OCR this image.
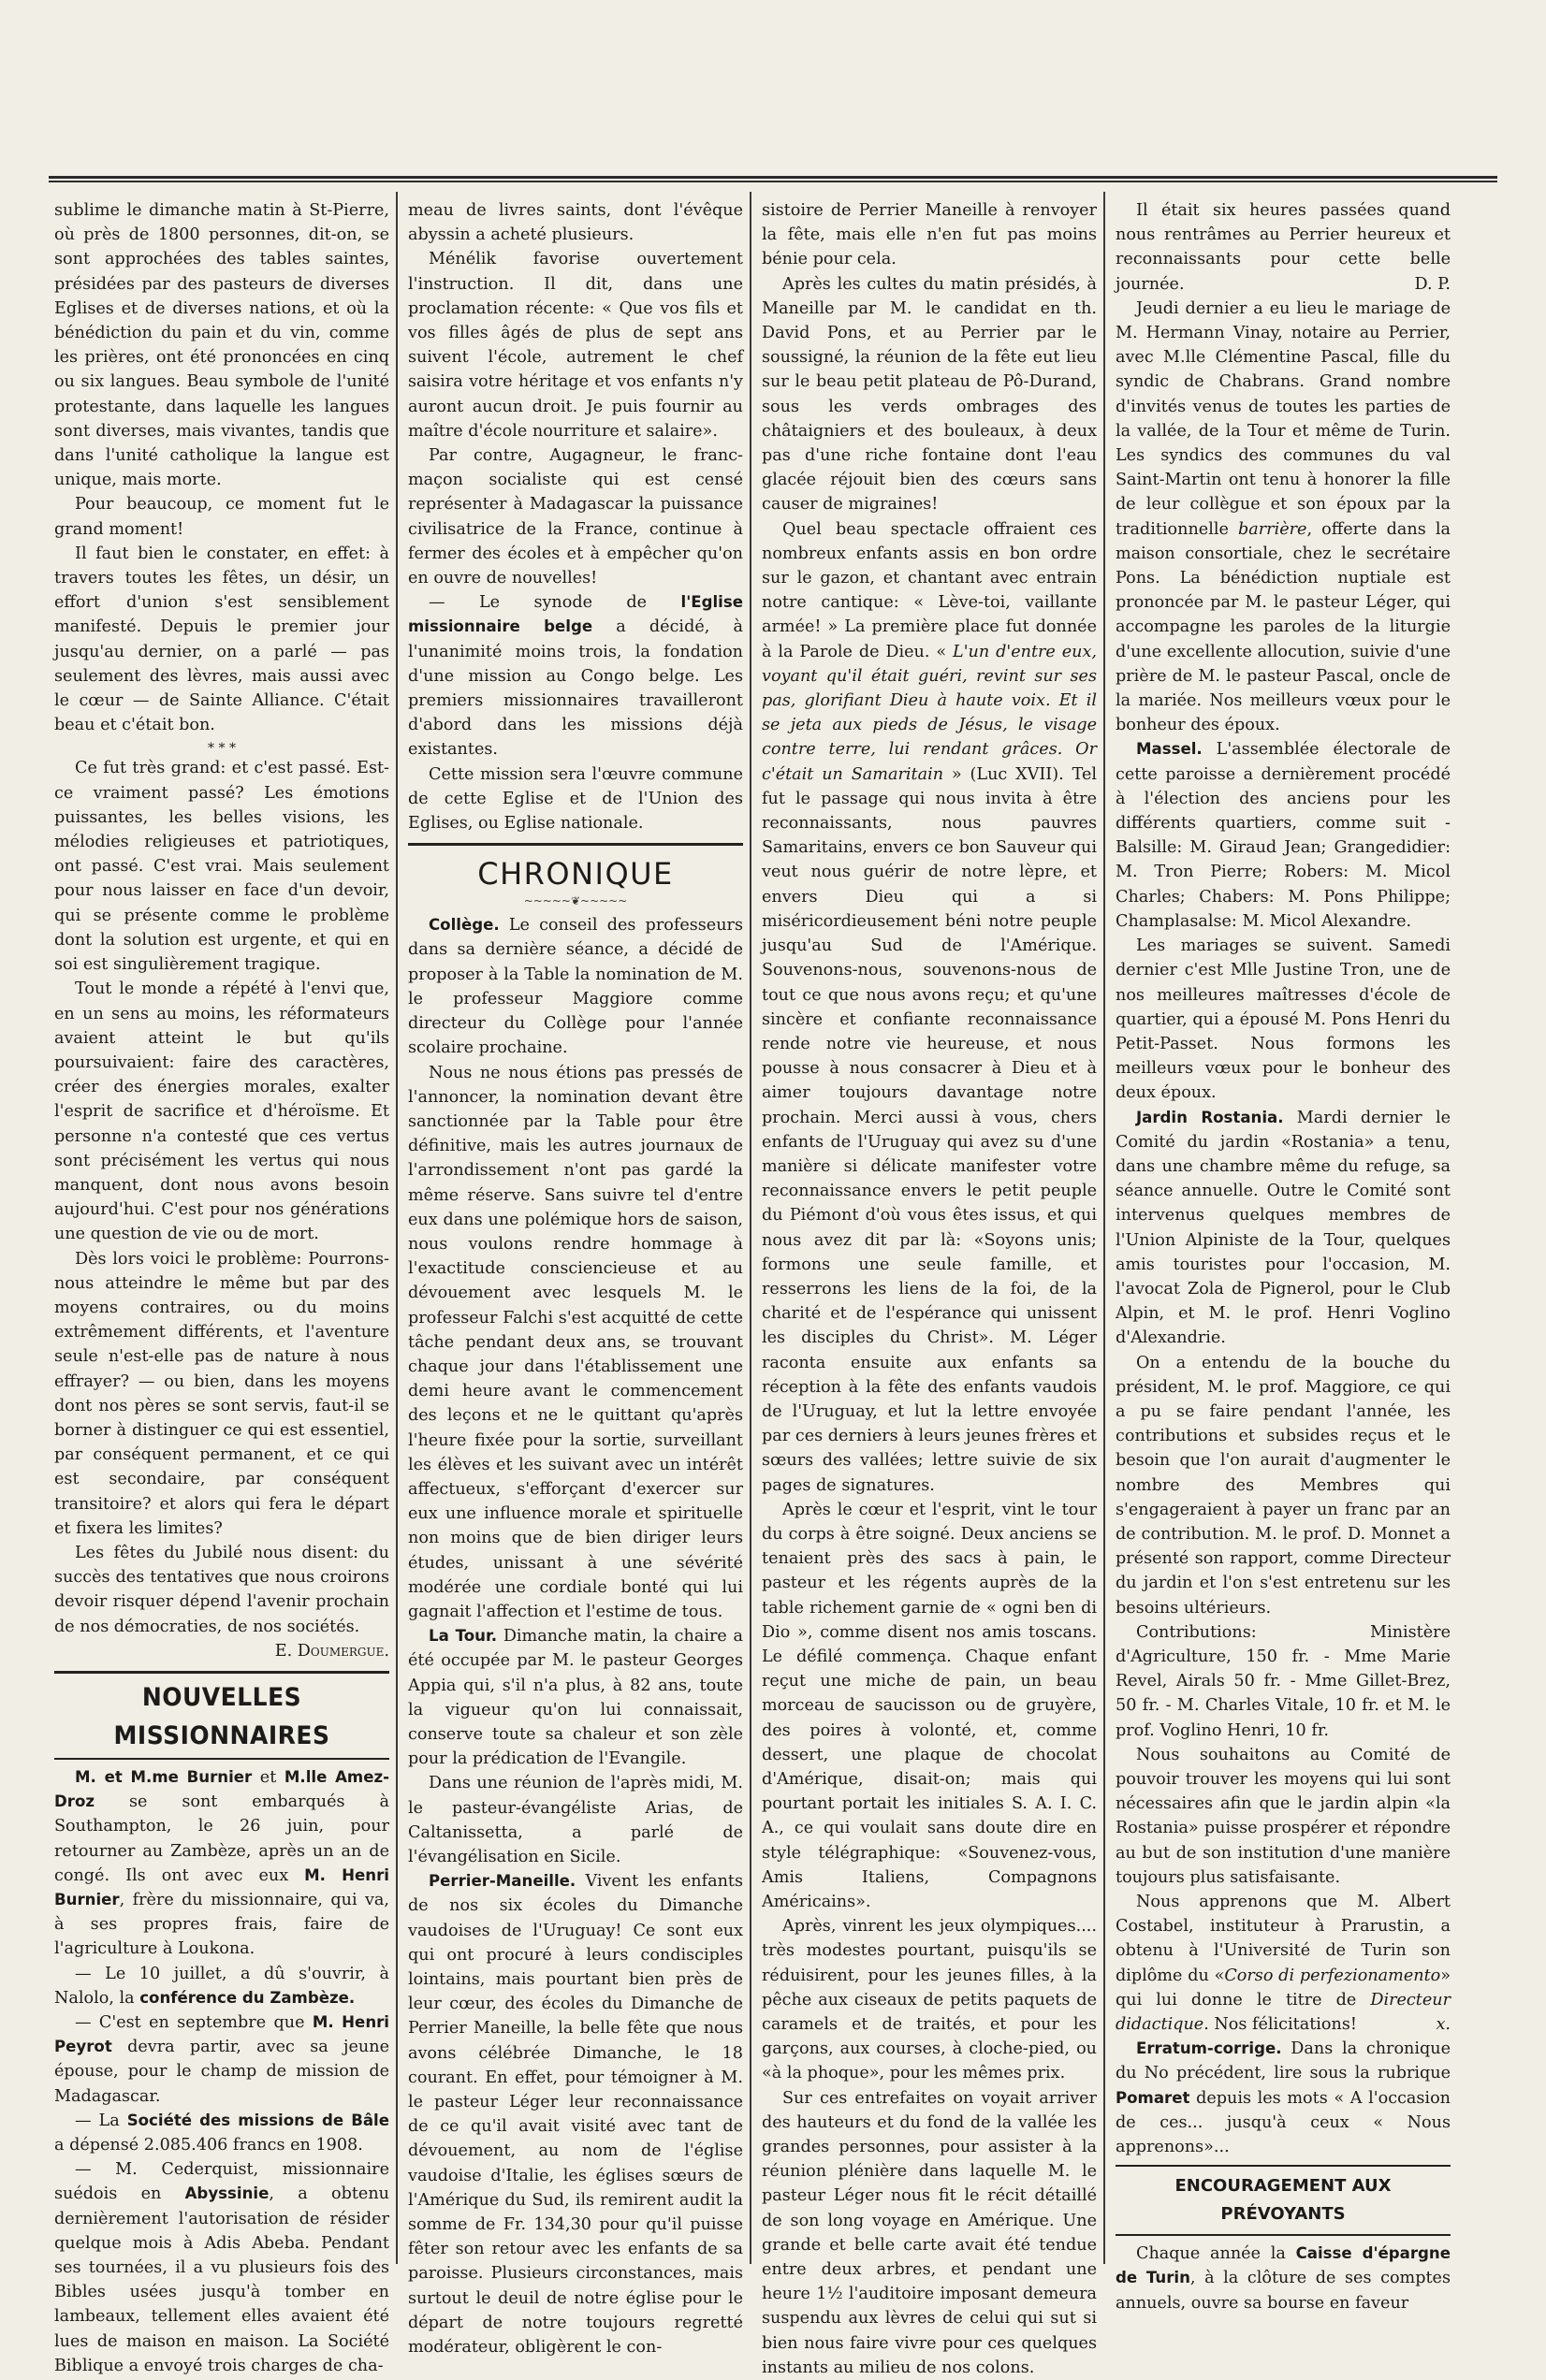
sublime le dimanche matin à St-Pierre, où près de 1800 personnes, dit-on, se sont approchées des tables saintes, présidées par des pasteurs de diverses Eglises et de diverses nations, et où la bénédiction du pain et du vin, comme les prières, ont été prononcées en cinq ou six langues. Beau symbole de l'unité protestante, dans laquelle les langues sont diverses, mais vivantes, tandis que dans l'unité catholique la langue est unique, mais morte.

Pour beaucoup, ce moment fut le grand moment!

Il faut bien le constater, en effet: à travers toutes les fêtes, un désir, un effort d'union s'est sensiblement manifesté. Depuis le premier jour jusqu'au dernier, on a parlé — pas seulement des lèvres, mais aussi avec le cœur — de Sainte Alliance. C'était beau et c'était bon.

* * *

Ce fut très grand: et c'est passé. Est-ce vraiment passé? Les émotions puissantes, les belles visions, les mélodies religieuses et patriotiques, ont passé. C'est vrai. Mais seulement pour nous laisser en face d'un devoir, qui se présente comme le problème dont la solution est urgente, et qui en soi est singulièrement tragique.

Tout le monde a répété à l'envi que, en un sens au moins, les réformateurs avaient atteint le but qu'ils poursuivaient: faire des caractères, créer des énergies morales, exalter l'esprit de sacrifice et d'héroïsme. Et personne n'a contesté que ces vertus sont précisément les vertus qui nous manquent, dont nous avons besoin aujourd'hui. C'est pour nos générations une question de vie ou de mort.

Dès lors voici le problème: Pourrons-nous atteindre le même but par des moyens contraires, ou du moins extrêmement différents, et l'aventure seule n'est-elle pas de nature à nous effrayer? — ou bien, dans les moyens dont nos pères se sont servis, faut-il se borner à distinguer ce qui est essentiel, par conséquent permanent, et ce qui est secondaire, par conséquent transitoire? et alors qui fera le départ et fixera les limites?

Les fêtes du Jubilé nous disent: du succès des tentatives que nous croirons devoir risquer dépend l'avenir prochain de nos démocraties, de nos sociétés.

E. Doumergue.

NOUVELLES MISSIONNAIRES

M. et M.me Burnier et M.lle Amez-Droz se sont embarqués à Southampton, le 26 juin, pour retourner au Zambèze, après un an de congé. Ils ont avec eux M. Henri Burnier, frère du missionnaire, qui va, à ses propres frais, faire de l'agriculture à Loukona.

— Le 10 juillet, a dû s'ouvrir, à Nalolo, la conférence du Zambèze.

— C'est en septembre que M. Henri Peyrot devra partir, avec sa jeune épouse, pour le champ de mission de Madagascar.

— La Société des missions de Bâle a dépensé 2.085.406 francs en 1908.

— M. Cederquist, missionnaire suédois en Abyssinie, a obtenu dernièrement l'autorisation de résider quelque mois à Adis Abeba. Pendant ses tournées, il a vu plusieurs fois des Bibles usées jusqu'à tomber en lambeaux, tellement elles avaient été lues de maison en maison. La Société Biblique a envoyé trois charges de cha-

meau de livres saints, dont l'évêque abyssin a acheté plusieurs.

Ménélik favorise ouvertement l'instruction. Il dit, dans une proclamation récente: « Que vos fils et vos filles âgés de plus de sept ans suivent l'école, autrement le chef saisira votre héritage et vos enfants n'y auront aucun droit. Je puis fournir au maître d'école nourriture et salaire».

Par contre, Augagneur, le franc-maçon socialiste qui est censé représenter à Madagascar la puissance civilisatrice de la France, continue à fermer des écoles et à empêcher qu'on en ouvre de nouvelles!

— Le synode de l'Eglise missionnaire belge a décidé, à l'unanimité moins trois, la fondation d'une mission au Congo belge. Les premiers missionnaires travailleront d'abord dans les missions déjà existantes.

Cette mission sera l'œuvre commune de cette Eglise et de l'Union des Eglises, ou Eglise nationale.

CHRONIQUE
~~~~~❦~~~~~

Collège. Le conseil des professeurs dans sa dernière séance, a décidé de proposer à la Table la nomination de M. le professeur Maggiore comme directeur du Collège pour l'année scolaire prochaine.

Nous ne nous étions pas pressés de l'annoncer, la nomination devant être sanctionnée par la Table pour être définitive, mais les autres journaux de l'arrondissement n'ont pas gardé la même réserve. Sans suivre tel d'entre eux dans une polémique hors de saison, nous voulons rendre hommage à l'exactitude consciencieuse et au dévouement avec lesquels M. le professeur Falchi s'est acquitté de cette tâche pendant deux ans, se trouvant chaque jour dans l'établissement une demi heure avant le commencement des leçons et ne le quittant qu'après l'heure fixée pour la sortie, surveillant les élèves et les suivant avec un intérêt affectueux, s'efforçant d'exercer sur eux une influence morale et spirituelle non moins que de bien diriger leurs études, unissant à une sévérité modérée une cordiale bonté qui lui gagnait l'affection et l'estime de tous.

La Tour. Dimanche matin, la chaire a été occupée par M. le pasteur Georges Appia qui, s'il n'a plus, à 82 ans, toute la vigueur qu'on lui connaissait, conserve toute sa chaleur et son zèle pour la prédication de l'Evangile.

Dans une réunion de l'après midi, M. le pasteur-évangéliste Arias, de Caltanissetta, a parlé de l'évangélisation en Sicile.

Perrier-Maneille. Vivent les enfants de nos six écoles du Dimanche vaudoises de l'Uruguay! Ce sont eux qui ont procuré à leurs condisciples lointains, mais pourtant bien près de leur cœur, des écoles du Dimanche de Perrier Maneille, la belle fête que nous avons célébrée Dimanche, le 18 courant. En effet, pour témoigner à M. le pasteur Léger leur reconnaissance de ce qu'il avait visité avec tant de dévouement, au nom de l'église vaudoise d'Italie, les églises sœurs de l'Amérique du Sud, ils remirent audit la somme de Fr. 134,30 pour qu'il puisse fêter son retour avec les enfants de sa paroisse. Plusieurs circonstances, mais surtout le deuil de notre église pour le départ de notre toujours regretté modérateur, obligèrent le con-

sistoire de Perrier Maneille à renvoyer la fête, mais elle n'en fut pas moins bénie pour cela.

Après les cultes du matin présidés, à Maneille par M. le candidat en th. David Pons, et au Perrier par le soussigné, la réunion de la fête eut lieu sur le beau petit plateau de Pô-Durand, sous les verds ombrages des châtaigniers et des bouleaux, à deux pas d'une riche fontaine dont l'eau glacée réjouit bien des cœurs sans causer de migraines!

Quel beau spectacle offraient ces nombreux enfants assis en bon ordre sur le gazon, et chantant avec entrain notre cantique: « Lève-toi, vaillante armée! » La première place fut donnée à la Parole de Dieu. « L'un d'entre eux, voyant qu'il était guéri, revint sur ses pas, glorifiant Dieu à haute voix. Et il se jeta aux pieds de Jésus, le visage contre terre, lui rendant grâces. Or c'était un Samaritain » (Luc XVII). Tel fut le passage qui nous invita à être reconnaissants, nous pauvres Samaritains, envers ce bon Sauveur qui veut nous guérir de notre lèpre, et envers Dieu qui a si miséricordieusement béni notre peuple jusqu'au Sud de l'Amérique. Souvenons-nous, souvenons-nous de tout ce que nous avons reçu; et qu'une sincère et confiante reconnaissance rende notre vie heureuse, et nous pousse à nous consacrer à Dieu et à aimer toujours davantage notre prochain. Merci aussi à vous, chers enfants de l'Uruguay qui avez su d'une manière si délicate manifester votre reconnaissance envers le petit peuple du Piémont d'où vous êtes issus, et qui nous avez dit par là: «Soyons unis; formons une seule famille, et resserrons les liens de la foi, de la charité et de l'espérance qui unissent les disciples du Christ». M. Léger raconta ensuite aux enfants sa réception à la fête des enfants vaudois de l'Uruguay, et lut la lettre envoyée par ces derniers à leurs jeunes frères et sœurs des vallées; lettre suivie de six pages de signatures.

Après le cœur et l'esprit, vint le tour du corps à être soigné. Deux anciens se tenaient près des sacs à pain, le pasteur et les régents auprès de la table richement garnie de « ogni ben di Dio », comme disent nos amis toscans. Le défilé commença. Chaque enfant reçut une miche de pain, un beau morceau de saucisson ou de gruyère, des poires à volonté, et, comme dessert, une plaque de chocolat d'Amérique, disait-on; mais qui pourtant portait les initiales S. A. I. C. A., ce qui voulait sans doute dire en style télégraphique: «Souvenez-vous, Amis Italiens, Compagnons Américains».

Après, vinrent les jeux olympiques.... très modestes pourtant, puisqu'ils se réduisirent, pour les jeunes filles, à la pêche aux ciseaux de petits paquets de caramels et de traités, et pour les garçons, aux courses, à cloche-pied, ou «à la phoque», pour les mêmes prix.

Sur ces entrefaites on voyait arriver des hauteurs et du fond de la vallée les grandes personnes, pour assister à la réunion plénière dans laquelle M. le pasteur Léger nous fit le récit détaillé de son long voyage en Amérique. Une grande et belle carte avait été tendue entre deux arbres, et pendant une heure 1½ l'auditoire imposant demeura suspendu aux lèvres de celui qui sut si bien nous faire vivre pour ces quelques instants au milieu de nos colons.

Il était six heures passées quand nous rentrâmes au Perrier heureux et reconnaissants pour cette belle journée.	D. P.

Jeudi dernier a eu lieu le mariage de M. Hermann Vinay, notaire au Perrier, avec M.lle Clémentine Pascal, fille du syndic de Chabrans. Grand nombre d'invités venus de toutes les parties de la vallée, de la Tour et même de Turin. Les syndics des communes du val Saint-Martin ont tenu à honorer la fille de leur collègue et son époux par la traditionnelle barrière, offerte dans la maison consortiale, chez le secrétaire Pons. La bénédiction nuptiale est prononcée par M. le pasteur Léger, qui accompagne les paroles de la liturgie d'une excellente allocution, suivie d'une prière de M. le pasteur Pascal, oncle de la mariée. Nos meilleurs vœux pour le bonheur des époux.

Massel. L'assemblée électorale de cette paroisse a dernièrement procédé à l'élection des anciens pour les différents quartiers, comme suit - Balsille: M. Giraud Jean; Grangedidier: M. Tron Pierre; Robers: M. Micol Charles; Chabers: M. Pons Philippe; Champlasalse: M. Micol Alexandre.

Les mariages se suivent. Samedi dernier c'est Mlle Justine Tron, une de nos meilleures maîtresses d'école de quartier, qui a épousé M. Pons Henri du Petit-Passet. Nous formons les meilleurs vœux pour le bonheur des deux époux.

Jardin Rostania. Mardi dernier le Comité du jardin «Rostania» a tenu, dans une chambre même du refuge, sa séance annuelle. Outre le Comité sont intervenus quelques membres de l'Union Alpiniste de la Tour, quelques amis touristes pour l'occasion, M. l'avocat Zola de Pignerol, pour le Club Alpin, et M. le prof. Henri Voglino d'Alexandrie.

On a entendu de la bouche du président, M. le prof. Maggiore, ce qui a pu se faire pendant l'année, les contributions et subsides reçus et le besoin que l'on aurait d'augmenter le nombre des Membres qui s'engageraient à payer un franc par an de contribution. M. le prof. D. Monnet a présenté son rapport, comme Directeur du jardin et l'on s'est entretenu sur les besoins ultérieurs.

Contributions: Ministère d'Agriculture, 150 fr. - Mme Marie Revel, Airals 50 fr. - Mme Gillet-Brez, 50 fr. - M. Charles Vitale, 10 fr. et M. le prof. Voglino Henri, 10 fr.

Nous souhaitons au Comité de pouvoir trouver les moyens qui lui sont nécessaires afin que le jardin alpin «la Rostania» puisse prospérer et répondre au but de son institution d'une manière toujours plus satisfaisante.

Nous apprenons que M. Albert Costabel, instituteur à Prarustin, a obtenu à l'Université de Turin son diplôme du «Corso di perfezionamento» qui lui donne le titre de Directeur didactique. Nos félicitations!	x.

Erratum-corrige. Dans la chronique du No précédent, lire sous la rubrique Pomaret depuis les mots « A l'occasion de ces... jusqu'à ceux « Nous apprenons»...

ENCOURAGEMENT AUX PRÉVOYANTS

Chaque année la Caisse d'épargne de Turin, à la clôture de ses comptes annuels, ouvre sa bourse en faveur
